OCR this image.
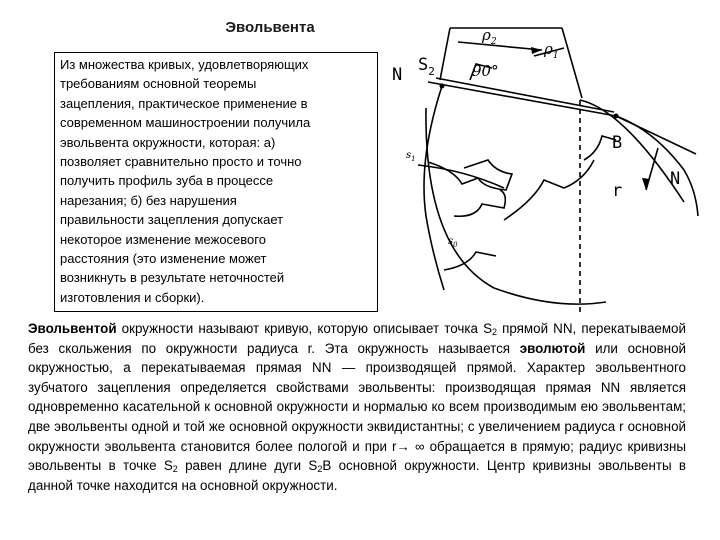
Эвольвента
Из множества кривых, удовлетворяющих
требованиям основной теоремы
зацепления, практическое применение в
современном машиностроении получила
эвольвента окружности, которая: а)
позволяет сравнительно просто и точно
получить профиль зуба в процессе
нарезания; б) без нарушения
правильности зацепления допускает
некоторое изменение межосевого
расстояния (это изменение может
возникнуть в результате неточностей
изготовления и сборки).
N $S_2$ 90°
B
N
r
$s_1$
$s_0$
$\rho_2$	$\rho_1$
Эвольвентой окружности называют кривую, которую описывает точка $S_2$ прямой NN, перекатываемой без скольжения по окружности радиуса r. Эта окружность называется эволютой или основной окружностью, а перекатываемая прямая NN — производящей прямой. Характер эвольвентного зубчатого зацепления определяется свойствами эвольвенты: производящая прямая NN является одновременно касательной к основной окружности и нормалью ко всем производимым ею эвольвентам; две эвольвенты одной и той же основной окружности эквидистантны; с увеличением радиуса r основной окружности эвольвента становится более пологой и при r→ ∞ обращается в прямую; радиус кривизны эвольвенты в точке $S_2$ равен длине дуги $S_2B$ основной окружности. Центр кривизны эвольвенты в данной точке находится на основной окружности.
